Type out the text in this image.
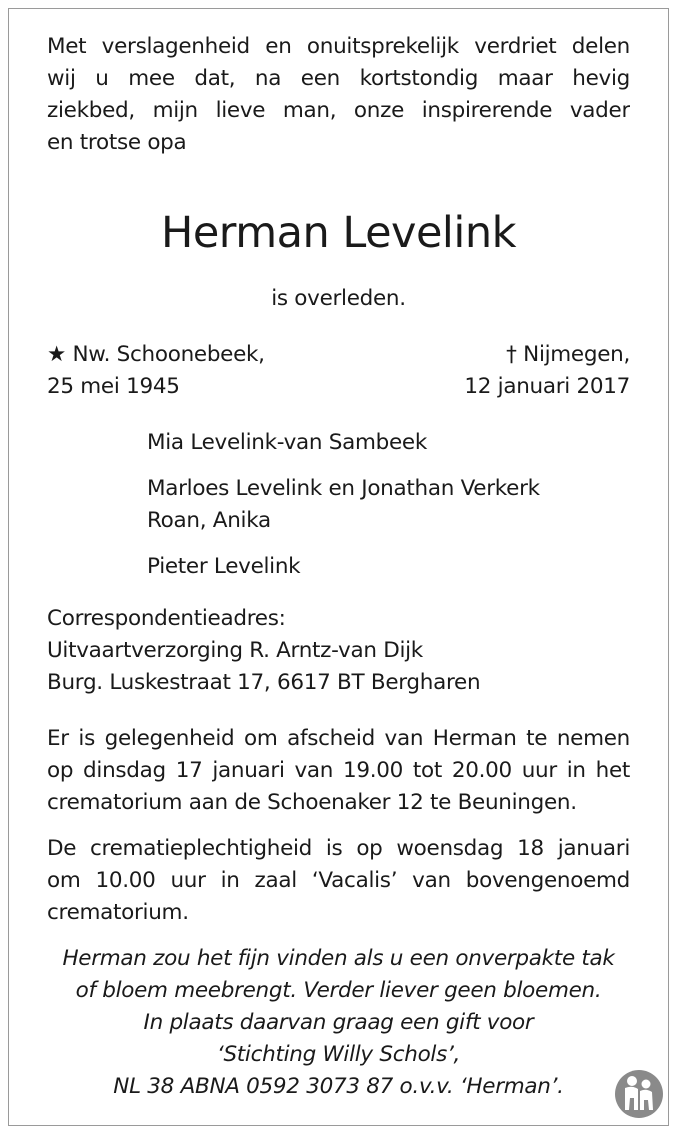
Met verslagenheid en onuitsprekelijk verdriet delen
wij u mee dat, na een kortstondig maar hevig
ziekbed, mijn lieve man, onze inspirerende vader
en trotse opa
Herman Levelink
is overleden.
★ Nw. Schoonebeek,
25 mei 1945
† Nijmegen,
12 januari 2017
Mia Levelink-van Sambeek
Marloes Levelink en Jonathan Verkerk
Roan, Anika
Pieter Levelink
Correspondentieadres:
Uitvaartverzorging R. Arntz-van Dijk
Burg. Luskestraat 17, 6617 BT Bergharen
Er is gelegenheid om afscheid van Herman te nemen
op dinsdag 17 januari van 19.00 tot 20.00 uur in het
crematorium aan de Schoenaker 12 te Beuningen.
De crematieplechtigheid is op woensdag 18 januari
om 10.00 uur in zaal ‘Vacalis’ van bovengenoemd
crematorium.
Herman zou het fijn vinden als u een onverpakte tak
of bloem meebrengt. Verder liever geen bloemen.
In plaats daarvan graag een gift voor
‘Stichting Willy Schols’,
NL 38 ABNA 0592 3073 87 o.v.v. ‘Herman’.
